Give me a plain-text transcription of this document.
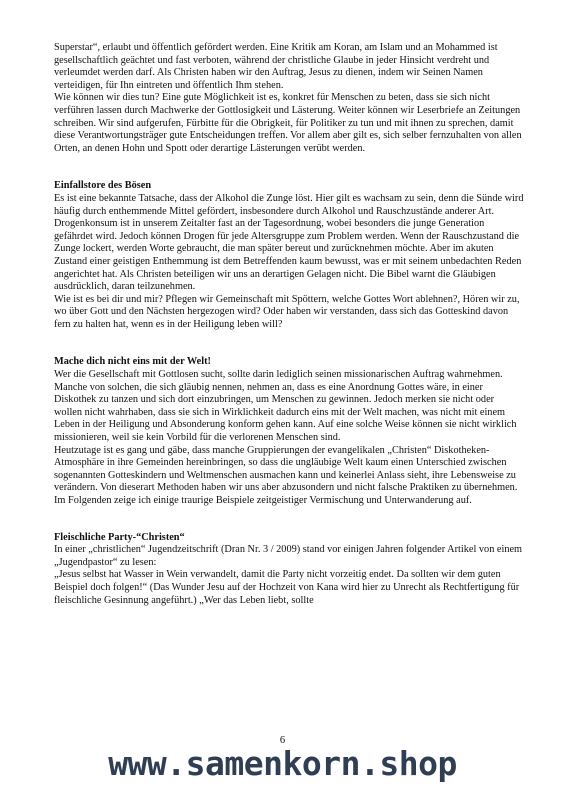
Superstar“, erlaubt und öffentlich gefördert werden. Eine Kritik am Koran, am Islam und an Mohammed ist gesellschaftlich geächtet und fast verboten, während der christliche Glaube in jeder Hinsicht verdreht und verleumdet werden darf. Als Christen haben wir den Auftrag, Jesus zu dienen, indem wir Seinen Namen verteidigen, für Ihn eintreten und öffentlich Ihm stehen.

Wie können wir dies tun? Eine gute Möglichkeit ist es, konkret für Menschen zu beten, dass sie sich nicht verführen lassen durch Machwerke der Gottlosigkeit und Lästerung. Weiter können wir Leserbriefe an Zeitungen schreiben. Wir sind aufgerufen, Fürbitte für die Obrigkeit, für Politiker zu tun und mit ihnen zu sprechen, damit diese Verantwortungsträger gute Entscheidungen treffen. Vor allem aber gilt es, sich selber fernzuhalten von allen Orten, an denen Hohn und Spott oder derartige Lästerungen verübt werden.

Einfallstore des Bösen

Es ist eine bekannte Tatsache, dass der Alkohol die Zunge löst. Hier gilt es wachsam zu sein, denn die Sünde wird häufig durch enthemmende Mittel gefördert, insbesondere durch Alkohol und Rauschzustände anderer Art. Drogenkonsum ist in unserem Zeitalter fast an der Tagesordnung, wobei besonders die junge Generation gefährdet wird. Jedoch können Drogen für jede Altersgruppe zum Problem werden. Wenn der Rauschzustand die Zunge lockert, werden Worte gebraucht, die man später bereut und zurücknehmen möchte. Aber im akuten Zustand einer geistigen Enthemmung ist dem Betreffenden kaum bewusst, was er mit seinem unbedachten Reden angerichtet hat. Als Christen beteiligen wir uns an derartigen Gelagen nicht. Die Bibel warnt die Gläubigen ausdrücklich, daran teilzunehmen.

Wie ist es bei dir und mir? Pflegen wir Gemeinschaft mit Spöttern, welche Gottes Wort ablehnen?, Hören wir zu, wo über Gott und den Nächsten hergezogen wird? Oder haben wir verstanden, dass sich das Gotteskind davon fern zu halten hat, wenn es in der Heiligung leben will?

Mache dich nicht eins mit der Welt!

Wer die Gesellschaft mit Gottlosen sucht, sollte darin lediglich seinen missionarischen Auftrag wahrnehmen. Manche von solchen, die sich gläubig nennen, nehmen an, dass es eine Anordnung Gottes wäre, in einer Diskothek zu tanzen und sich dort einzubringen, um Menschen zu gewinnen. Jedoch merken sie nicht oder wollen nicht wahrhaben, dass sie sich in Wirklichkeit dadurch eins mit der Welt machen, was nicht mit einem Leben in der Heiligung und Absonderung konform gehen kann. Auf eine solche Weise können sie nicht wirklich missionieren, weil sie kein Vorbild für die verlorenen Menschen sind.

Heutzutage ist es gang und gäbe, dass manche Gruppierungen der evangelikalen „Christen“ Diskotheken-Atmosphäre in ihre Gemeinden hereinbringen, so dass die ungläubige Welt kaum einen Unterschied zwischen sogenannten Gotteskindern und Weltmenschen ausmachen kann und keinerlei Anlass sieht, ihre Lebensweise zu verändern. Von dieserart Methoden haben wir uns aber abzusondern und nicht falsche Praktiken zu übernehmen.

Im Folgenden zeige ich einige traurige Beispiele zeitgeistiger Vermischung und Unterwanderung auf.

Fleischliche Party-“Christen“

In einer „christlichen“ Jugendzeitschrift (Dran Nr. 3 / 2009) stand vor einigen Jahren folgender Artikel von einem „Jugendpastor“ zu lesen:

„Jesus selbst hat Wasser in Wein verwandelt, damit die Party nicht vorzeitig endet. Da sollten wir dem guten Beispiel doch folgen!“ (Das Wunder Jesu auf der Hochzeit von Kana wird hier zu Unrecht als Rechtfertigung für fleischliche Gesinnung angeführt.) „Wer das Leben liebt, sollte

6
www.samenkorn.shop
